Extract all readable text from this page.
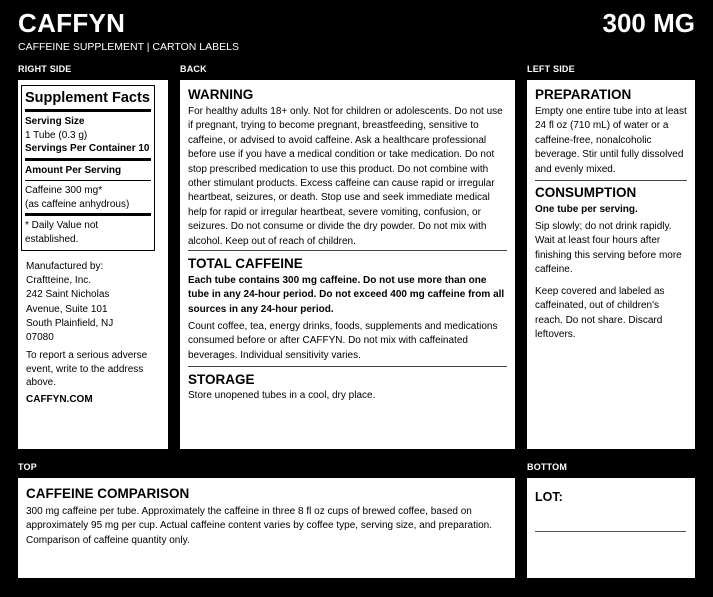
CAFFYN	300 MG
CAFFEINE SUPPLEMENT | CARTON LABELS
RIGHT SIDE	BACK	LEFT SIDE
TOP	BOTTOM
Supplement Facts
Serving Size
1 Tube (0.3 g)
Servings Per Container 10
Amount Per Serving
Caffeine 300 mg*
(as caffeine anhydrous)
* Daily Value not established.
Manufactured by:
Craftteine, Inc.
242 Saint Nicholas
Avenue, Suite 101
South Plainfield, NJ
07080
To report a serious adverse event, write to the address above.
CAFFYN.COM
WARNING
For healthy adults 18+ only. Not for children or adolescents. Do not use if pregnant, trying to become pregnant, breastfeeding, sensitive to caffeine, or advised to avoid caffeine. Ask a healthcare professional before use if you have a medical condition or take medication. Do not stop prescribed medication to use this product. Do not combine with other stimulant products. Excess caffeine can cause rapid or irregular heartbeat, seizures, or death. Stop use and seek immediate medical help for rapid or irregular heartbeat, severe vomiting, confusion, or seizures. Do not consume or divide the dry powder. Do not mix with alcohol. Keep out of reach of children.
TOTAL CAFFEINE
Each tube contains 300 mg caffeine. Do not use more than one tube in any 24-hour period. Do not exceed 400 mg caffeine from all sources in any 24-hour period.
Count coffee, tea, energy drinks, foods, supplements and medications consumed before or after CAFFYN. Do not mix with caffeinated beverages. Individual sensitivity varies.
STORAGE
Store unopened tubes in a cool, dry place.
PREPARATION
Empty one entire tube into at least 24 fl oz (710 mL) of water or a caffeine-free, nonalcoholic beverage. Stir until fully dissolved and evenly mixed.
CONSUMPTION
One tube per serving.
Sip slowly; do not drink rapidly. Wait at least four hours after finishing this serving before more caffeine.
Keep covered and labeled as caffeinated, out of children's reach. Do not share. Discard leftovers.
CAFFEINE COMPARISON
300 mg caffeine per tube. Approximately the caffeine in three 8 fl oz cups of brewed coffee, based on approximately 95 mg per cup. Actual caffeine content varies by coffee type, serving size, and preparation. Comparison of caffeine quantity only.
LOT:
